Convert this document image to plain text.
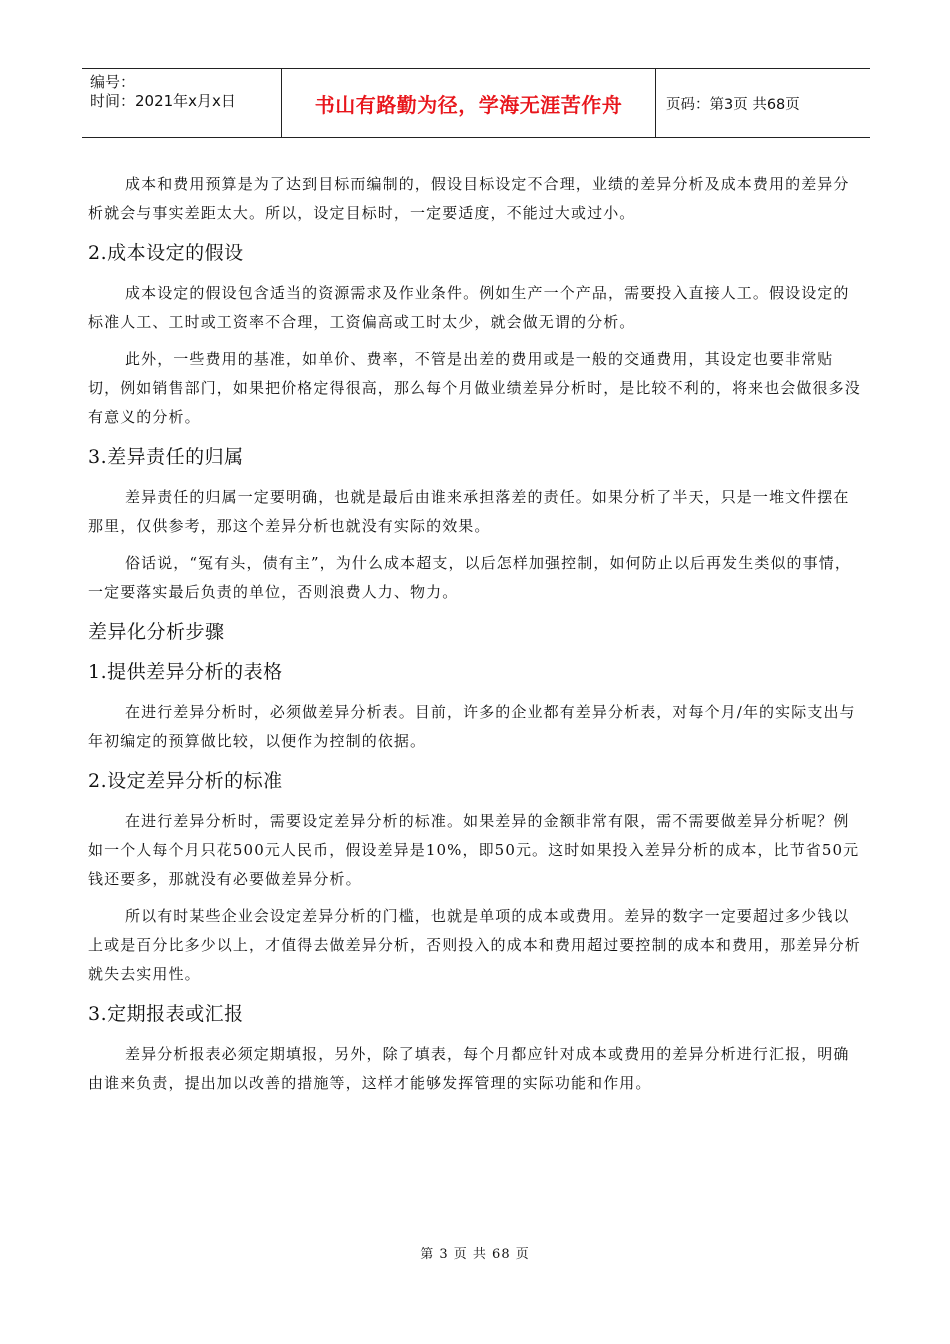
编号：
时间：2021年x月x日	书山有路勤为径，学海无涯苦作舟	页码：第3页 共68页

成本和费用预算是为了达到目标而编制的，假设目标设定不合理，业绩的差异分析及成本费用的差异分析就会与事实差距太大。所以，设定目标时，一定要适度，不能过大或过小。

2.成本设定的假设

成本设定的假设包含适当的资源需求及作业条件。例如生产一个产品，需要投入直接人工。假设设定的标准人工、工时或工资率不合理，工资偏高或工时太少，就会做无谓的分析。

此外，一些费用的基准，如单价、费率，不管是出差的费用或是一般的交通费用，其设定也要非常贴切，例如销售部门，如果把价格定得很高，那么每个月做业绩差异分析时，是比较不利的，将来也会做很多没有意义的分析。

3.差异责任的归属

差异责任的归属一定要明确，也就是最后由谁来承担落差的责任。如果分析了半天，只是一堆文件摆在那里，仅供参考，那这个差异分析也就没有实际的效果。

俗话说，“冤有头，债有主”，为什么成本超支，以后怎样加强控制，如何防止以后再发生类似的事情，一定要落实最后负责的单位，否则浪费人力、物力。

差异化分析步骤
1.提供差异分析的表格

在进行差异分析时，必须做差异分析表。目前，许多的企业都有差异分析表，对每个月/年的实际支出与年初编定的预算做比较，以便作为控制的依据。

2.设定差异分析的标准

在进行差异分析时，需要设定差异分析的标准。如果差异的金额非常有限，需不需要做差异分析呢？例如一个人每个月只花500元人民币，假设差异是10%，即50元。这时如果投入差异分析的成本，比节省50元钱还要多，那就没有必要做差异分析。

所以有时某些企业会设定差异分析的门槛，也就是单项的成本或费用。差异的数字一定要超过多少钱以上或是百分比多少以上，才值得去做差异分析，否则投入的成本和费用超过要控制的成本和费用，那差异分析就失去实用性。

3.定期报表或汇报

差异分析报表必须定期填报，另外，除了填表，每个月都应针对成本或费用的差异分析进行汇报，明确由谁来负责，提出加以改善的措施等，这样才能够发挥管理的实际功能和作用。

第 3 页 共 68 页
